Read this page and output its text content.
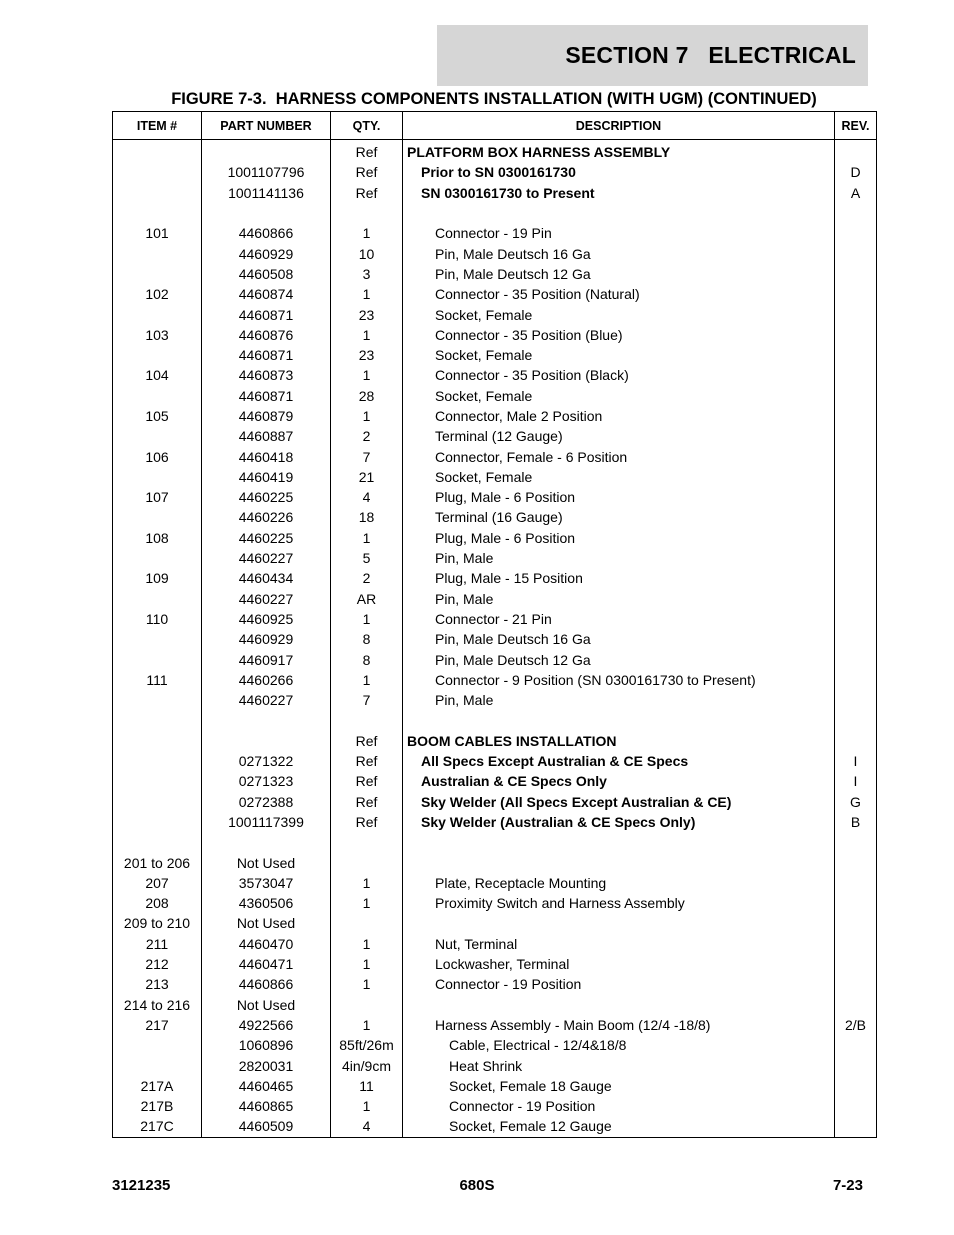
SECTION 7   ELECTRICAL
FIGURE 7-3.  HARNESS COMPONENTS INSTALLATION (WITH UGM) (CONTINUED)
ITEM #	PART NUMBER	QTY.	DESCRIPTION	REV.
		Ref	PLATFORM BOX HARNESS ASSEMBLY	
	1001107796	Ref	Prior to SN 0300161730	D
	1001141136	Ref	SN 0300161730 to Present	A

101	4460866	1	Connector - 19 Pin	
	4460929	10	Pin, Male Deutsch 16 Ga	
	4460508	3	Pin, Male Deutsch 12 Ga	
102	4460874	1	Connector - 35 Position (Natural)	
	4460871	23	Socket, Female	
103	4460876	1	Connector - 35 Position (Blue)	
	4460871	23	Socket, Female	
104	4460873	1	Connector - 35 Position (Black)	
	4460871	28	Socket, Female	
105	4460879	1	Connector, Male 2 Position	
	4460887	2	Terminal (12 Gauge)	
106	4460418	7	Connector, Female - 6 Position	
	4460419	21	Socket, Female	
107	4460225	4	Plug, Male - 6 Position	
	4460226	18	Terminal (16 Gauge)	
108	4460225	1	Plug, Male - 6 Position	
	4460227	5	Pin, Male	
109	4460434	2	Plug, Male - 15 Position	
	4460227	AR	Pin, Male	
110	4460925	1	Connector - 21 Pin	
	4460929	8	Pin, Male Deutsch 16 Ga	
	4460917	8	Pin, Male Deutsch 12 Ga	
111	4460266	1	Connector - 9 Position (SN 0300161730 to Present)	
	4460227	7	Pin, Male	

		Ref	BOOM CABLES INSTALLATION	
	0271322	Ref	All Specs Except Australian & CE Specs	I
	0271323	Ref	Australian & CE Specs Only	I
	0272388	Ref	Sky Welder (All Specs Except Australian & CE)	G
	1001117399	Ref	Sky Welder (Australian & CE Specs Only)	B

201 to 206	Not Used			
207	3573047	1	Plate, Receptacle Mounting	
208	4360506	1	Proximity Switch and Harness Assembly	
209 to 210	Not Used			
211	4460470	1	Nut, Terminal	
212	4460471	1	Lockwasher, Terminal	
213	4460866	1	Connector - 19 Position	
214 to 216	Not Used			
217	4922566	1	Harness Assembly - Main Boom (12/4 -18/8)	2/B
	1060896	85ft/26m	Cable, Electrical - 12/4&18/8	
	2820031	4in/9cm	Heat Shrink	
217A	4460465	11	Socket, Female 18 Gauge	
217B	4460865	1	Connector - 19 Position	
217C	4460509	4	Socket, Female 12 Gauge	
3121235	680S	7-23
